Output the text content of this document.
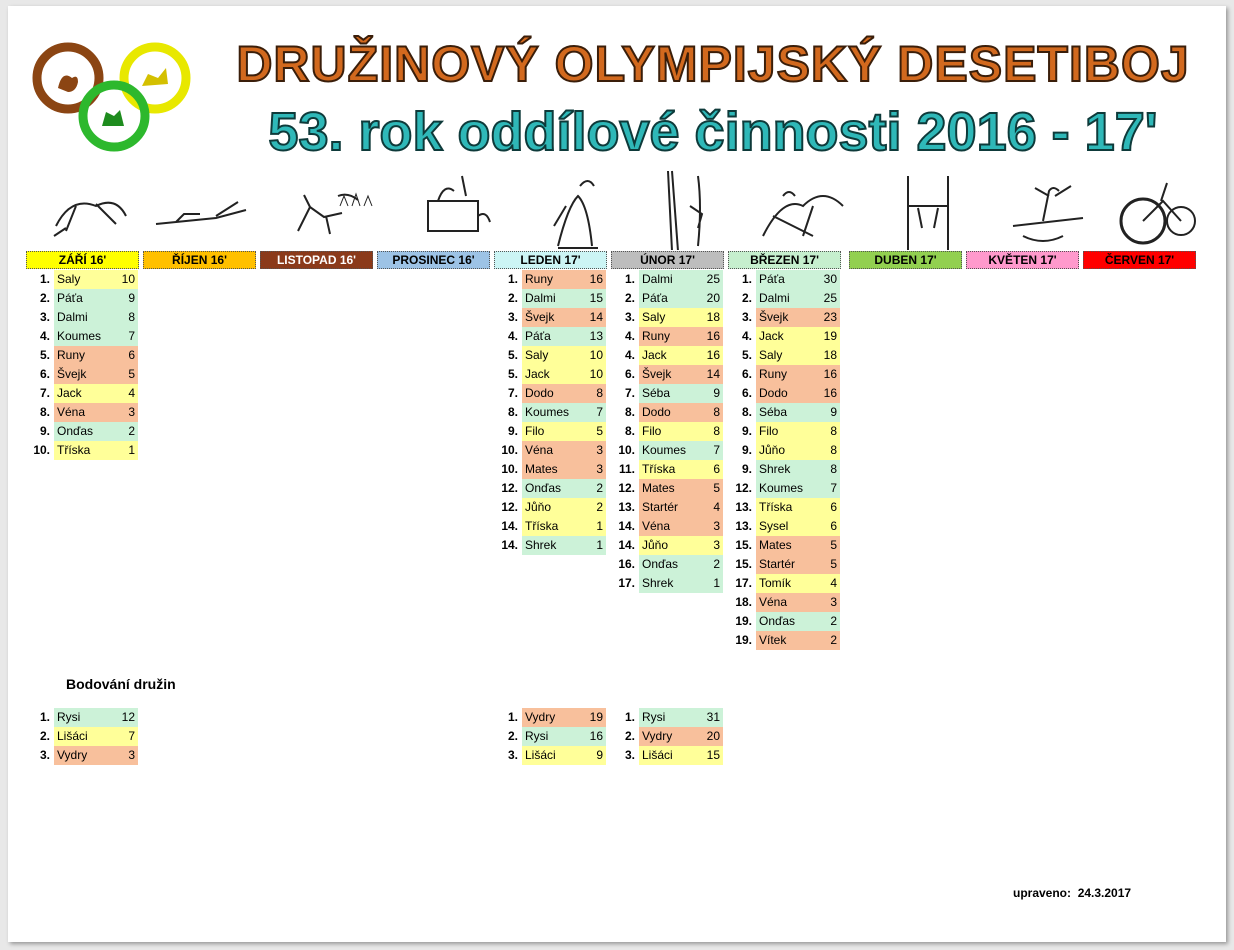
DRUŽINOVÝ OLYMPIJSKÝ DESETIBOJ
53. rok oddílové činnosti 2016 - 17'
ZÁŘÍ 16'	ŘÍJEN 16'	LISTOPAD 16'	PROSINEC 16'	LEDEN 17'	ÚNOR 17'	BŘEZEN 17'	DUBEN 17'	KVĚTEN 17'	ČERVEN 17'
1. Saly	10
2. Páťa	9
3. Dalmi	8
4. Koumes 7
5. Runy	6
6. Švejk	5
7. Jack	4
8. Véna	3
9. Onďas	2
10. Tříska	1
1. Runy	16
2. Dalmi	15
3. Švejk	14
4. Páťa	13
5. Saly	10
5. Jack	10
7. Dodo	8
8. Koumes 7
9. Filo	5
10. Véna	3
10. Mates	3
12. Onďas	2
12. Jůňo	2
14. Tříska	1
14. Shrek	1
1. Dalmi	25
2. Páťa	20
3. Saly	18
4. Runy	16
4. Jack	16
6. Švejk	14
7. Séba	9
8. Dodo	8
8. Filo	8
10. Koumes 7
11. Tříska	6
12. Mates	5
13. Startér	4
14. Véna	3
14. Jůňo	3
16. Onďas	2
17. Shrek	1
1. Páťa	30
2. Dalmi	25
3. Švejk	23
4. Jack	19
5. Saly	18
6. Runy	16
6. Dodo	16
8. Séba	9
9. Filo	8
9. Jůňo	8
9. Shrek	8
12. Koumes 7
13. Tříska	6
13. Sysel	6
15. Mates	5
15. Startér	5
17. Tomík	4
18. Véna	3
19. Onďas	2
19. Vítek	2
Bodování družin
1. Rysi	12
2. Lišáci	7
3. Vydry	3
1. Vydry	19
2. Rysi	16
3. Lišáci	9
1. Rysi	31
2. Vydry	20
3. Lišáci	15
upraveno: 24.3.2017
